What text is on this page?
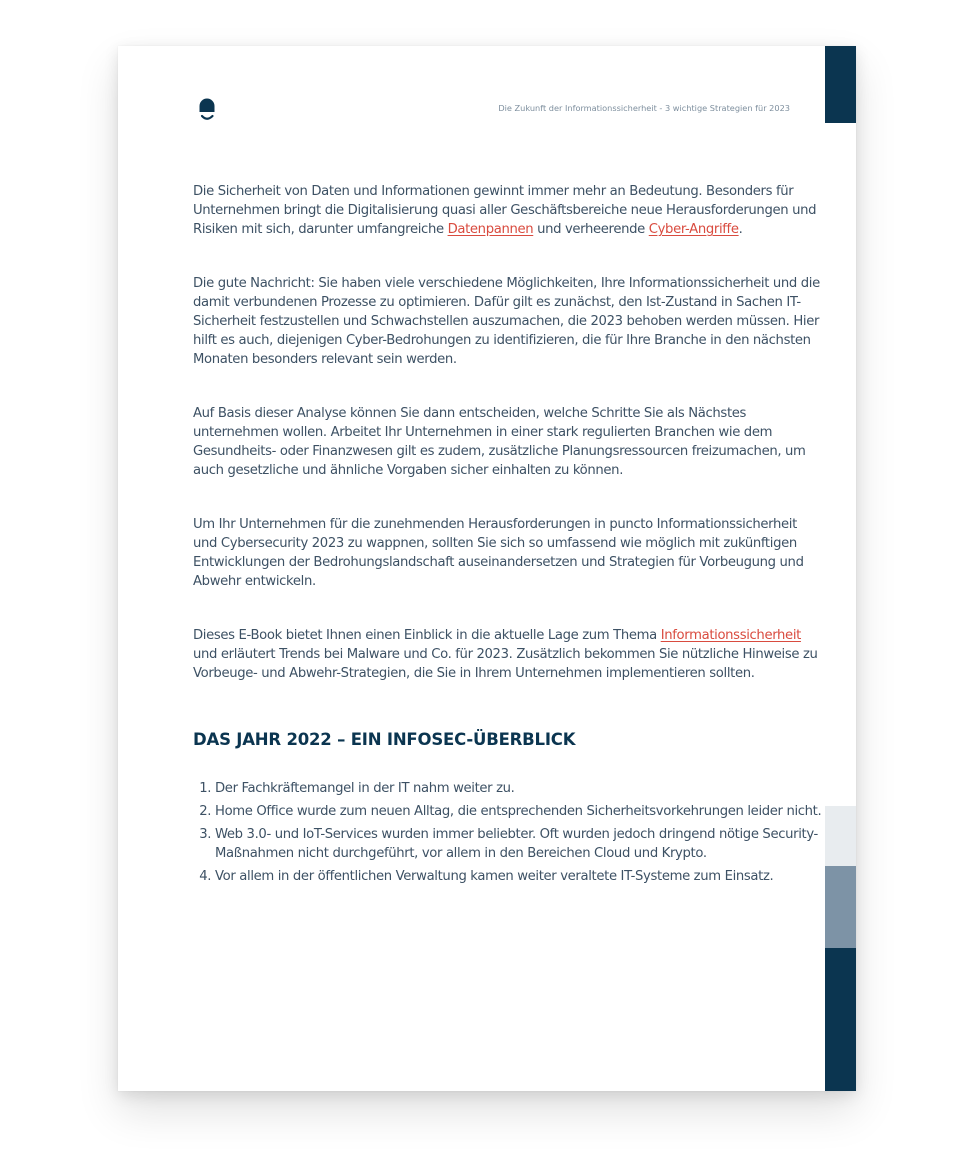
Die Zukunft der Informationssicherheit - 3 wichtige Strategien für 2023

Die Sicherheit von Daten und Informationen gewinnt immer mehr an Bedeutung. Besonders für Unternehmen bringt die Digitalisierung quasi aller Geschäftsbereiche neue Herausforderungen und Risiken mit sich, darunter umfangreiche Datenpannen und verheerende Cyber-Angriffe.

Die gute Nachricht: Sie haben viele verschiedene Möglichkeiten, Ihre Informationssicherheit und die damit verbundenen Prozesse zu optimieren. Dafür gilt es zunächst, den Ist-Zustand in Sachen IT-Sicherheit festzustellen und Schwachstellen auszumachen, die 2023 behoben werden müssen. Hier hilft es auch, diejenigen Cyber-Bedrohungen zu identifizieren, die für Ihre Branche in den nächsten Monaten besonders relevant sein werden.

Auf Basis dieser Analyse können Sie dann entscheiden, welche Schritte Sie als Nächstes unternehmen wollen. Arbeitet Ihr Unternehmen in einer stark regulierten Branchen wie dem Gesundheits- oder Finanzwesen gilt es zudem, zusätzliche Planungsressourcen freizumachen, um auch gesetzliche und ähnliche Vorgaben sicher einhalten zu können.

Um Ihr Unternehmen für die zunehmenden Herausforderungen in puncto Informationssicherheit und Cybersecurity 2023 zu wappnen, sollten Sie sich so umfassend wie möglich mit zukünftigen Entwicklungen der Bedrohungslandschaft auseinandersetzen und Strategien für Vorbeugung und Abwehr entwickeln.

Dieses E-Book bietet Ihnen einen Einblick in die aktuelle Lage zum Thema Informationssicherheit und erläutert Trends bei Malware und Co. für 2023. Zusätzlich bekommen Sie nützliche Hinweise zu Vorbeuge- und Abwehr-Strategien, die Sie in Ihrem Unternehmen implementieren sollten.

DAS JAHR 2022 – EIN INFOSEC-ÜBERBLICK
1. Der Fachkräftemangel in der IT nahm weiter zu.
2. Home Office wurde zum neuen Alltag, die entsprechenden Sicherheitsvorkehrungen leider nicht.
3. Web 3.0- und IoT-Services wurden immer beliebter. Oft wurden jedoch dringend nötige Security-Maßnahmen nicht durchgeführt, vor allem in den Bereichen Cloud und Krypto.
4. Vor allem in der öffentlichen Verwaltung kamen weiter veraltete IT-Systeme zum Einsatz.
